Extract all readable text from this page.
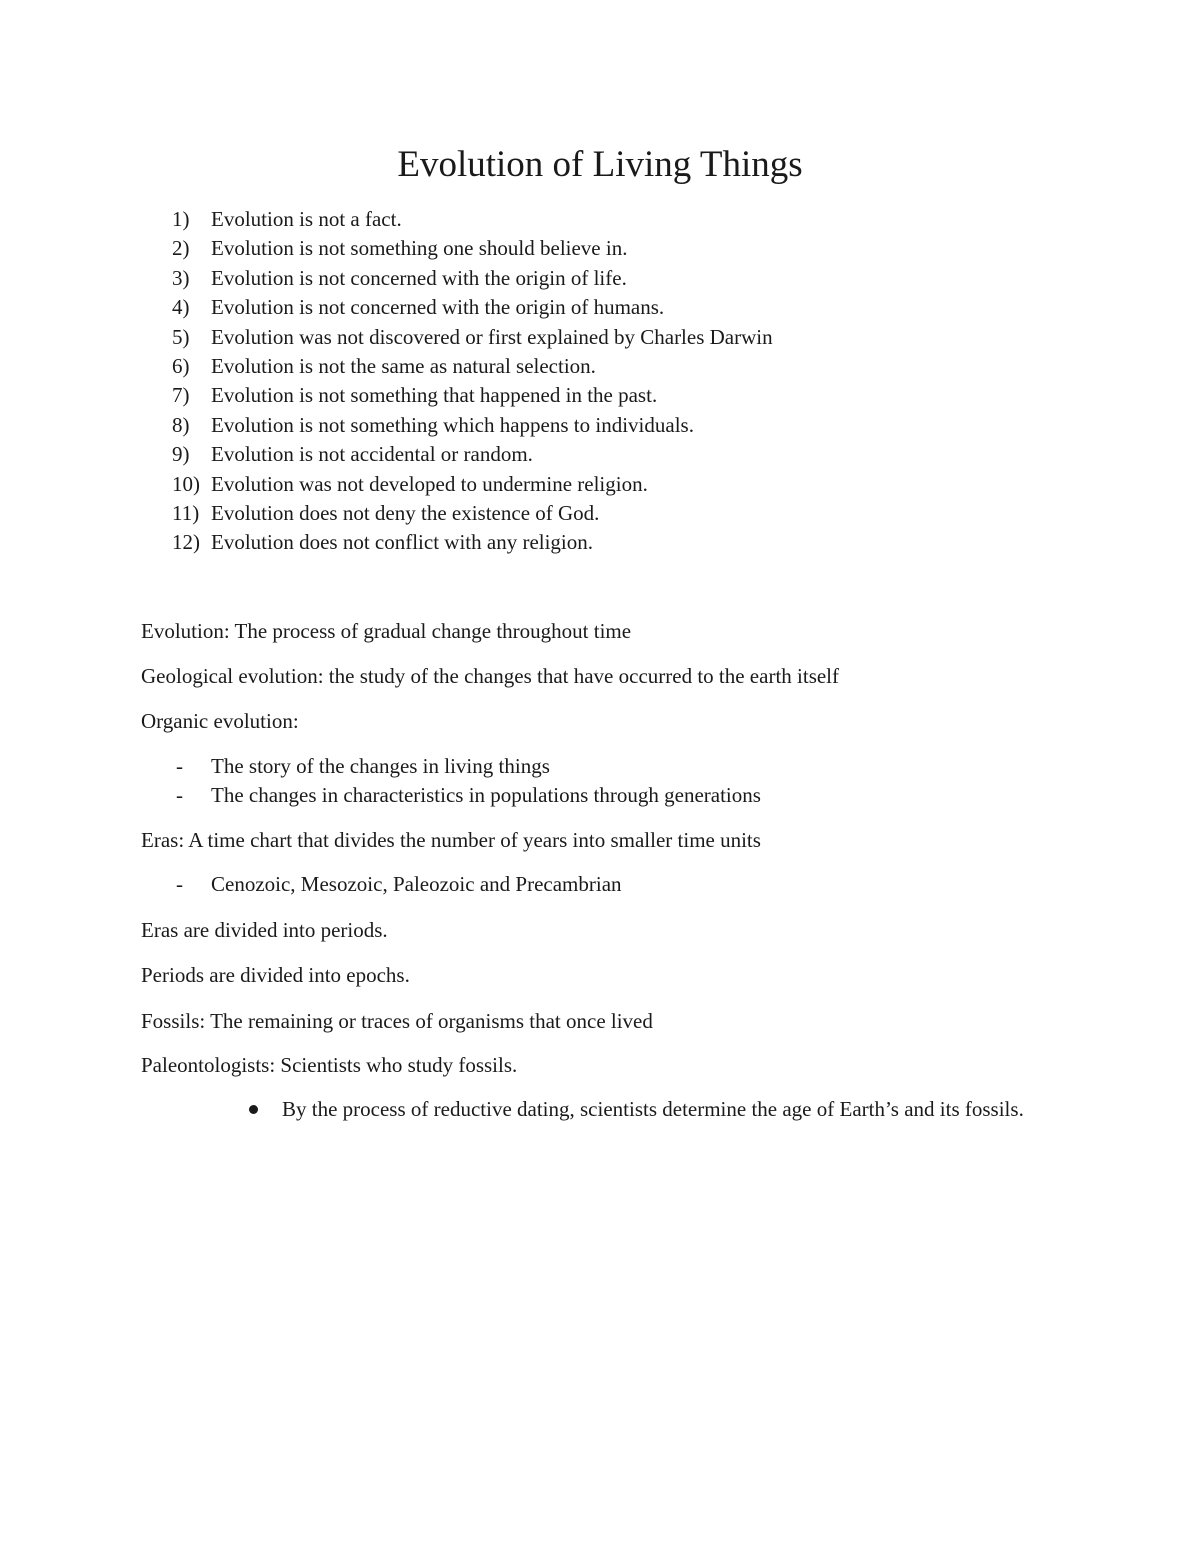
Evolution of Living Things
1)	Evolution is not a fact.
2)	Evolution is not something one should believe in.
3)	Evolution is not concerned with the origin of life.
4)	Evolution is not concerned with the origin of humans.
5)	Evolution was not discovered or first explained by Charles Darwin
6)	Evolution is not the same as natural selection.
7)	Evolution is not something that happened in the past.
8)	Evolution is not something which happens to individuals.
9)	Evolution is not accidental or random.
10) Evolution was not developed to undermine religion.
11) Evolution does not deny the existence of God.
12) Evolution does not conflict with any religion.

Evolution: The process of gradual change throughout time

Geological evolution: the study of the changes that have occurred to the earth itself

Organic evolution:

- The story of the changes in living things
- The changes in characteristics in populations through generations

Eras: A time chart that divides the number of years into smaller time units

- Cenozoic, Mesozoic, Paleozoic and Precambrian

Eras are divided into periods.

Periods are divided into epochs.

Fossils: The remaining or traces of organisms that once lived

Paleontologists: Scientists who study fossils.

By the process of reductive dating, scientists determine the age of Earth’s and its fossils.
